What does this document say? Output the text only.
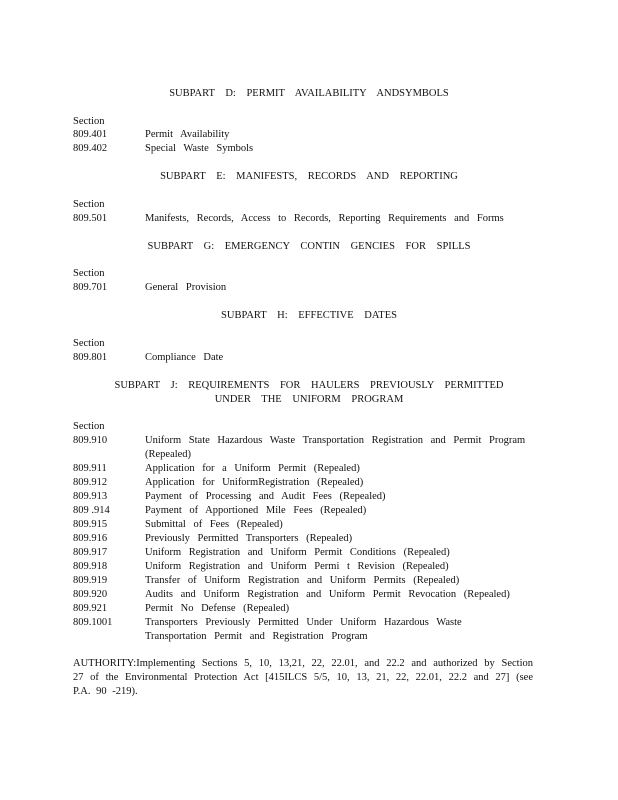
SUBPART D: PERMIT AVAILABILITY ANDSYMBOLS
Section
809.401	Permit Availability
809.402	Special Waste Symbols
SUBPART E: MANIFESTS, RECORDS AND REPORTING
Section
809.501	Manifests, Records, Access to Records, Reporting Requirements and Forms
SUBPART G: EMERGENCY CONTIN GENCIES FOR SPILLS
Section
809.701	General Provision
SUBPART H: EFFECTIVE DATES
Section
809.801	Compliance Date
SUBPART J: REQUIREMENTS FOR HAULERS PREVIOUSLY PERMITTED
UNDER THE UNIFORM PROGRAM
Section
809.910	Uniform State Hazardous Waste Transportation Registration and Permit Program (Repealed)
809.911	Application for a Uniform Permit (Repealed)
809.912	Application for UniformRegistration (Repealed)
809.913	Payment of Processing and Audit Fees (Repealed)
809 .914	Payment of Apportioned Mile Fees (Repealed)
809.915	Submittal of Fees (Repealed)
809.916	Previously Permitted Transporters (Repealed)
809.917	Uniform Registration and Uniform Permit Conditions (Repealed)
809.918	Uniform Registration and Uniform Permi t Revision (Repealed)
809.919	Transfer of Uniform Registration and Uniform Permits (Repealed)
809.920	Audits and Uniform Registration and Uniform Permit Revocation (Repealed)
809.921	Permit No Defense (Repealed)
809.1001	Transporters Previously Permitted Under Uniform Hazardous Waste Transportation Permit and Registration Program
AUTHORITY:Implementing Sections 5, 10, 13,21, 22, 22.01, and 22.2 and authorized by Section 27 of the Environmental Protection Act [415ILCS 5/5, 10, 13, 21, 22, 22.01, 22.2 and 27] (see P.A. 90 -219).
